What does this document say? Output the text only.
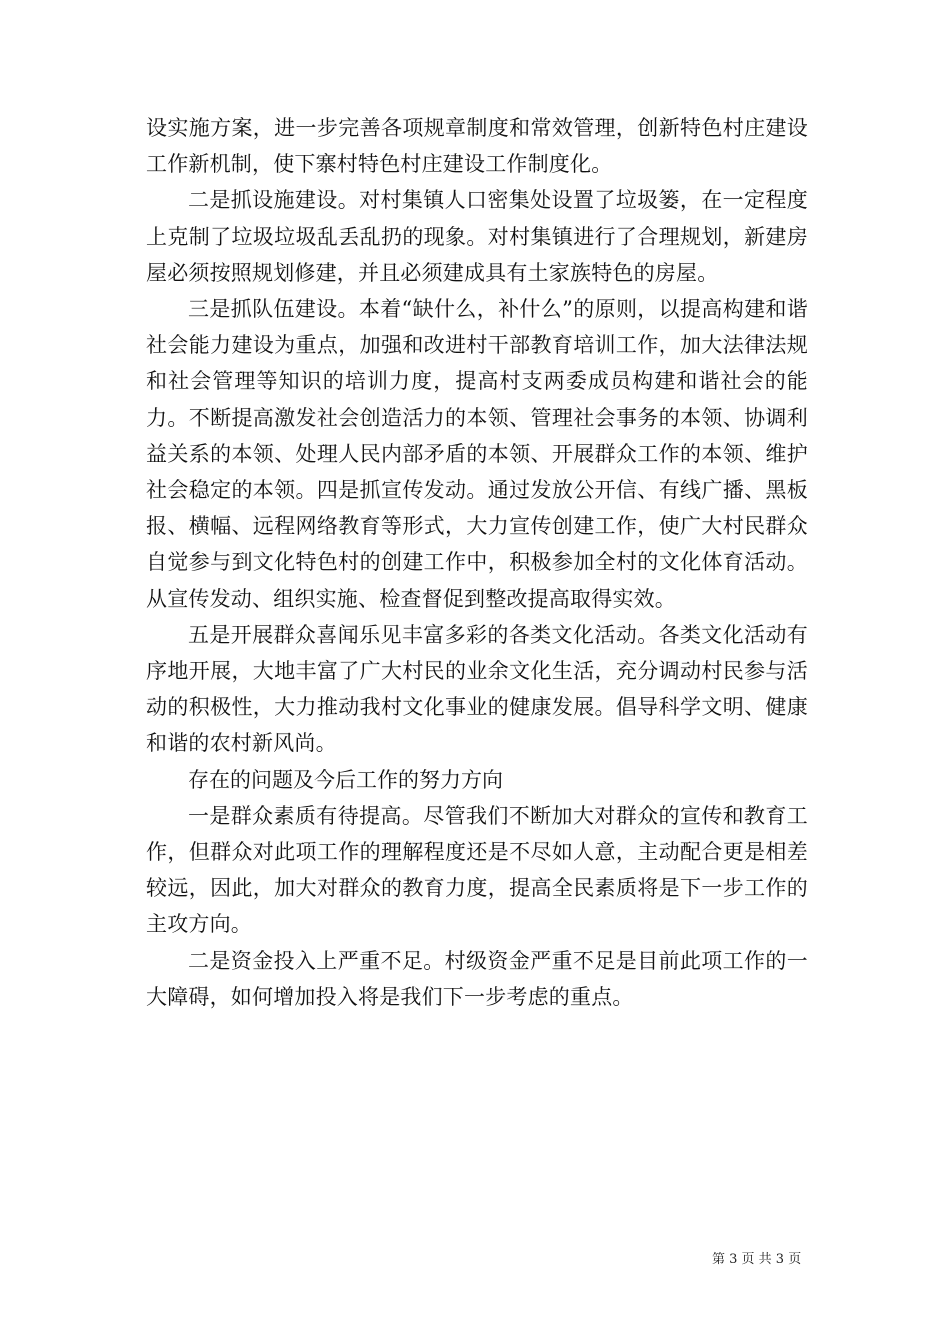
设实施方案，进一步完善各项规章制度和常效管理，创新特色村庄建设工作新机制，使下寨村特色村庄建设工作制度化。

二是抓设施建设。对村集镇人口密集处设置了垃圾篓，在一定程度上克制了垃圾垃圾乱丢乱扔的现象。对村集镇进行了合理规划，新建房屋必须按照规划修建，并且必须建成具有土家族特色的房屋。

三是抓队伍建设。本着“缺什么，补什么”的原则，以提高构建和谐社会能力建设为重点，加强和改进村干部教育培训工作，加大法律法规和社会管理等知识的培训力度，提高村支两委成员构建和谐社会的能力。不断提高激发社会创造活力的本领、管理社会事务的本领、协调利益关系的本领、处理人民内部矛盾的本领、开展群众工作的本领、维护社会稳定的本领。四是抓宣传发动。通过发放公开信、有线广播、黑板报、横幅、远程网络教育等形式，大力宣传创建工作，使广大村民群众自觉参与到文化特色村的创建工作中，积极参加全村的文化体育活动。从宣传发动、组织实施、检查督促到整改提高取得实效。

五是开展群众喜闻乐见丰富多彩的各类文化活动。各类文化活动有序地开展，大地丰富了广大村民的业余文化生活，充分调动村民参与活动的积极性，大力推动我村文化事业的健康发展。倡导科学文明、健康和谐的农村新风尚。

存在的问题及今后工作的努力方向

一是群众素质有待提高。尽管我们不断加大对群众的宣传和教育工作，但群众对此项工作的理解程度还是不尽如人意，主动配合更是相差较远，因此，加大对群众的教育力度，提高全民素质将是下一步工作的主攻方向。

二是资金投入上严重不足。村级资金严重不足是目前此项工作的一大障碍，如何增加投入将是我们下一步考虑的重点。

第 3 页 共 3 页
